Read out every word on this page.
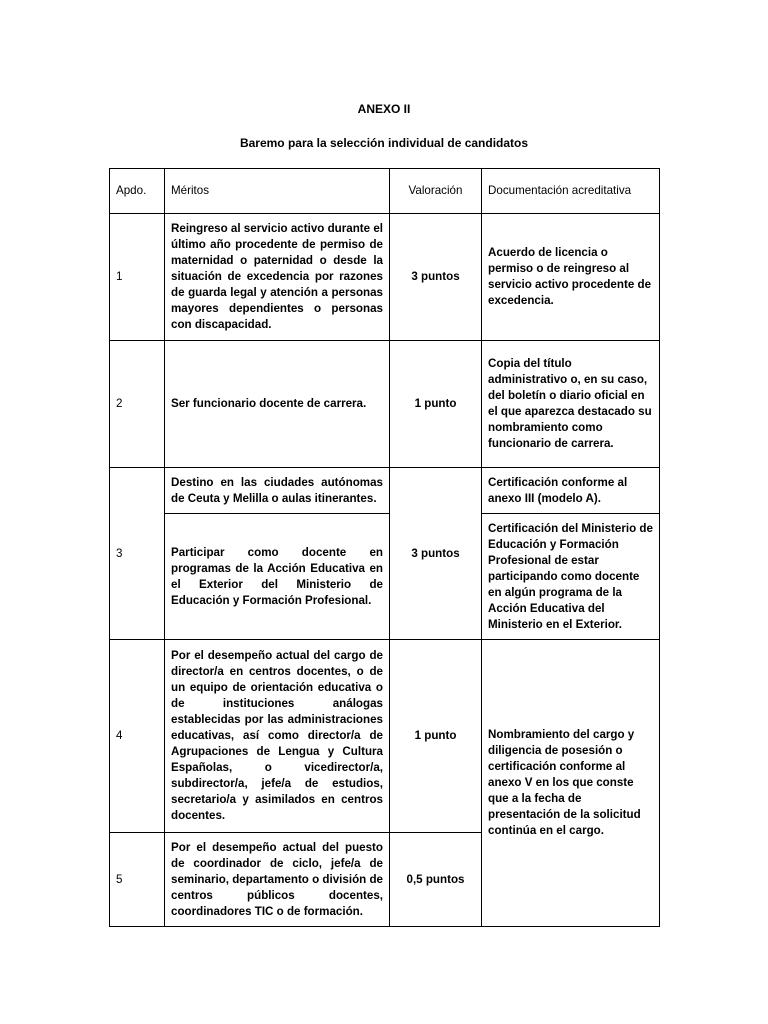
ANEXO II
Baremo para la selección individual de candidatos
Apdo.	Méritos	Valoración	Documentación acreditativa
1	Reingreso al servicio activo durante el último año procedente de permiso de maternidad o paternidad o desde la situación de excedencia por razones de guarda legal y atención a personas mayores dependientes o personas con discapacidad.	3 puntos	Acuerdo de licencia o permiso o de reingreso al servicio activo procedente de excedencia.
2	Ser funcionario docente de carrera.	1 punto	Copia del título administrativo o, en su caso, del boletín o diario oficial en el que aparezca destacado su nombramiento como funcionario de carrera.
3	Destino en las ciudades autónomas de Ceuta y Melilla o aulas itinerantes.	3 puntos	Certificación conforme al anexo III (modelo A).
	Participar como docente en programas de la Acción Educativa en el Exterior del Ministerio de Educación y Formación Profesional.		Certificación del Ministerio de Educación y Formación Profesional de estar participando como docente en algún programa de la Acción Educativa del Ministerio en el Exterior.
4	Por el desempeño actual del cargo de director/a en centros docentes, o de un equipo de orientación educativa o de instituciones análogas establecidas por las administraciones educativas, así como director/a de Agrupaciones de Lengua y Cultura Españolas, o vicedirector/a, subdirector/a, jefe/a de estudios, secretario/a y asimilados en centros docentes.	1 punto	Nombramiento del cargo y diligencia de posesión o certificación conforme al anexo V en los que conste que a la fecha de presentación de la solicitud continúa en el cargo.
5	Por el desempeño actual del puesto de coordinador de ciclo, jefe/a de seminario, departamento o división de centros públicos docentes, coordinadores TIC o de formación.	0,5 puntos	
